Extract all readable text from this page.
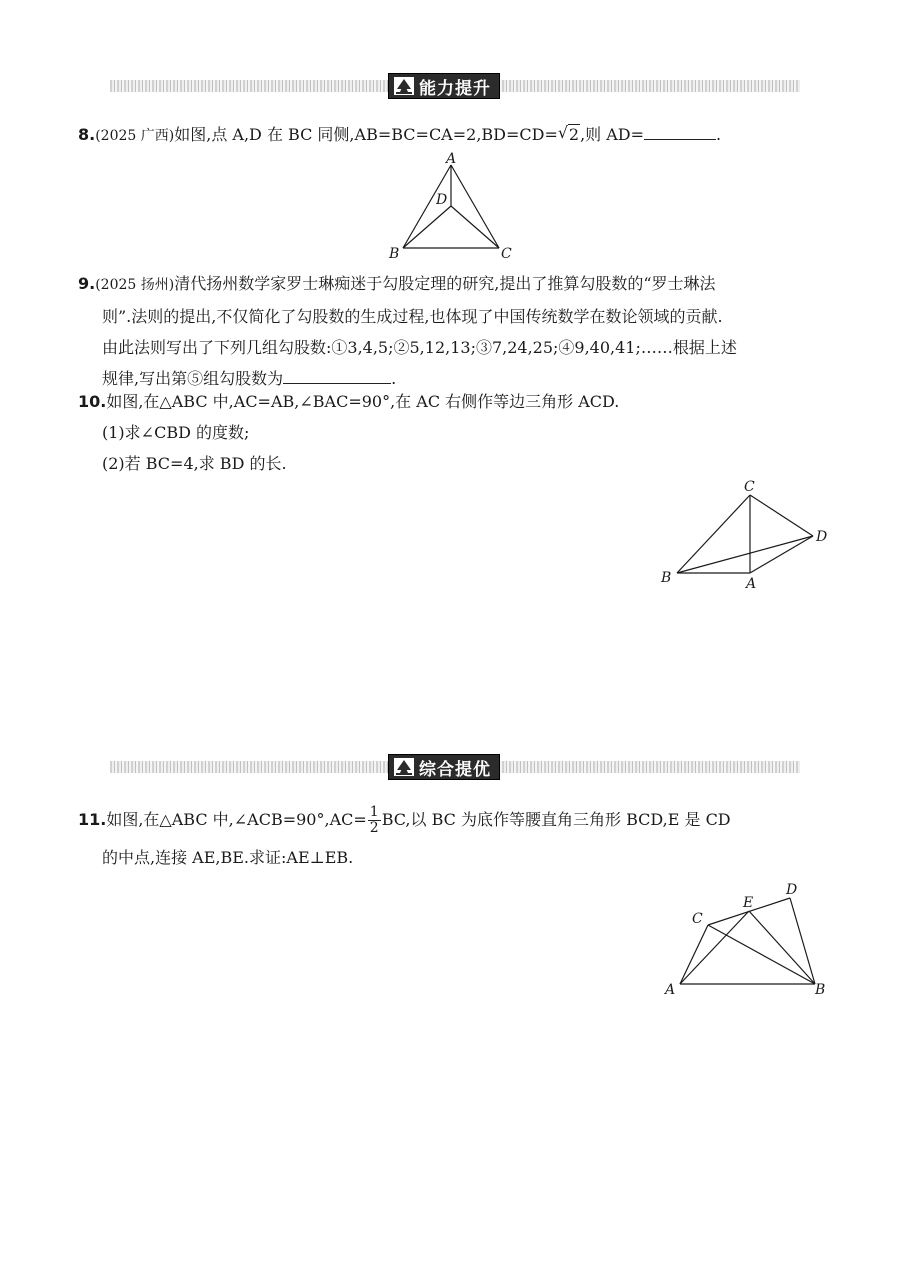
能力提升
8.(2025 广西)如图,点 A,D 在 BC 同侧,AB=BC=CA=2,BD=CD=√ 2,则 AD=	.
A
D
B	C
9.(2025 扬州)清代扬州数学家罗士琳痴迷于勾股定理的研究,提出了推算勾股数的“罗士琳法
则”.法则的提出,不仅简化了勾股数的生成过程,也体现了中国传统数学在数论领域的贡献.
由此法则写出了下列几组勾股数:①3,4,5;②5,12,13;③7,24,25;④9,40,41;……根据上述
规律,写出第⑤组勾股数为	.
10.如图,在△ABC 中,AC=AB,∠BAC=90°,在 AC 右侧作等边三角形 ACD.
(1)求∠CBD 的度数;
(2)若 BC=4,求 BD 的长.
C
D
B	A
综合提优
11.如图,在△ABC 中,∠ACB=90°,AC= $\frac{1}{2}$ BC,以 BC 为底作等腰直角三角形 BCD,E 是 CD
的中点,连接 AE,BE.求证:AE⊥EB.
C
E
D
A	B
